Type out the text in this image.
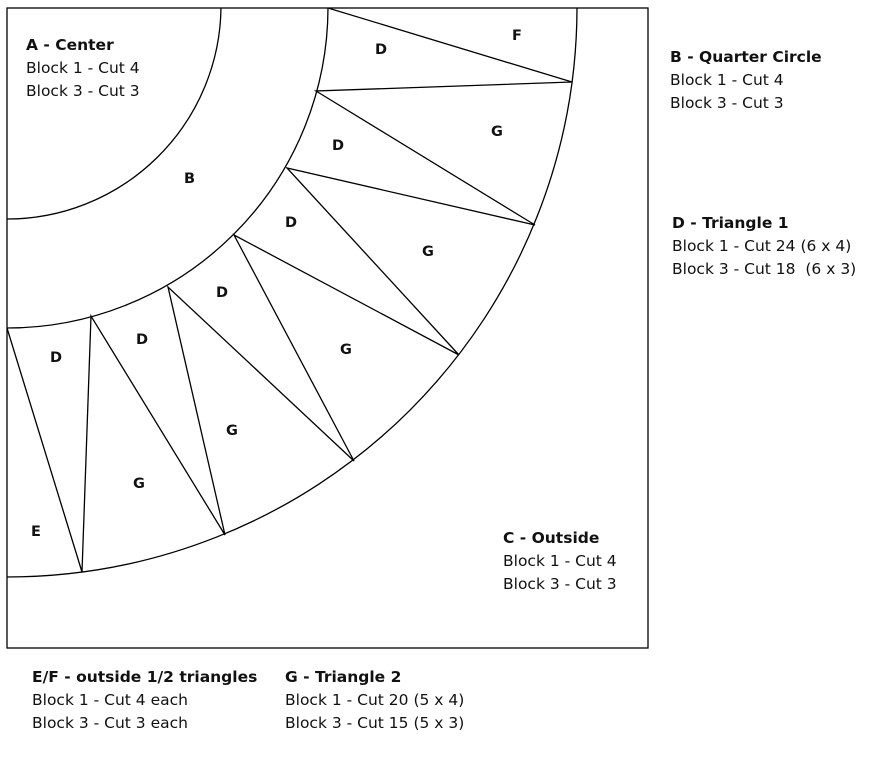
B
F
E
D
D
D
D
D
D
G
G
G
G
G
A - Center
Block 1 - Cut 4
Block 3 - Cut 3
B - Quarter Circle
Block 1 - Cut 4
Block 3 - Cut 3
D - Triangle 1
Block 1 - Cut 24 (6 x 4)
Block 3 - Cut 18  (6 x 3)
C - Outside
Block 1 - Cut 4
Block 3 - Cut 3
E/F - outside 1/2 triangles
Block 1 - Cut 4 each
Block 3 - Cut 3 each
G - Triangle 2
Block 1 - Cut 20 (5 x 4)
Block 3 - Cut 15 (5 x 3)
